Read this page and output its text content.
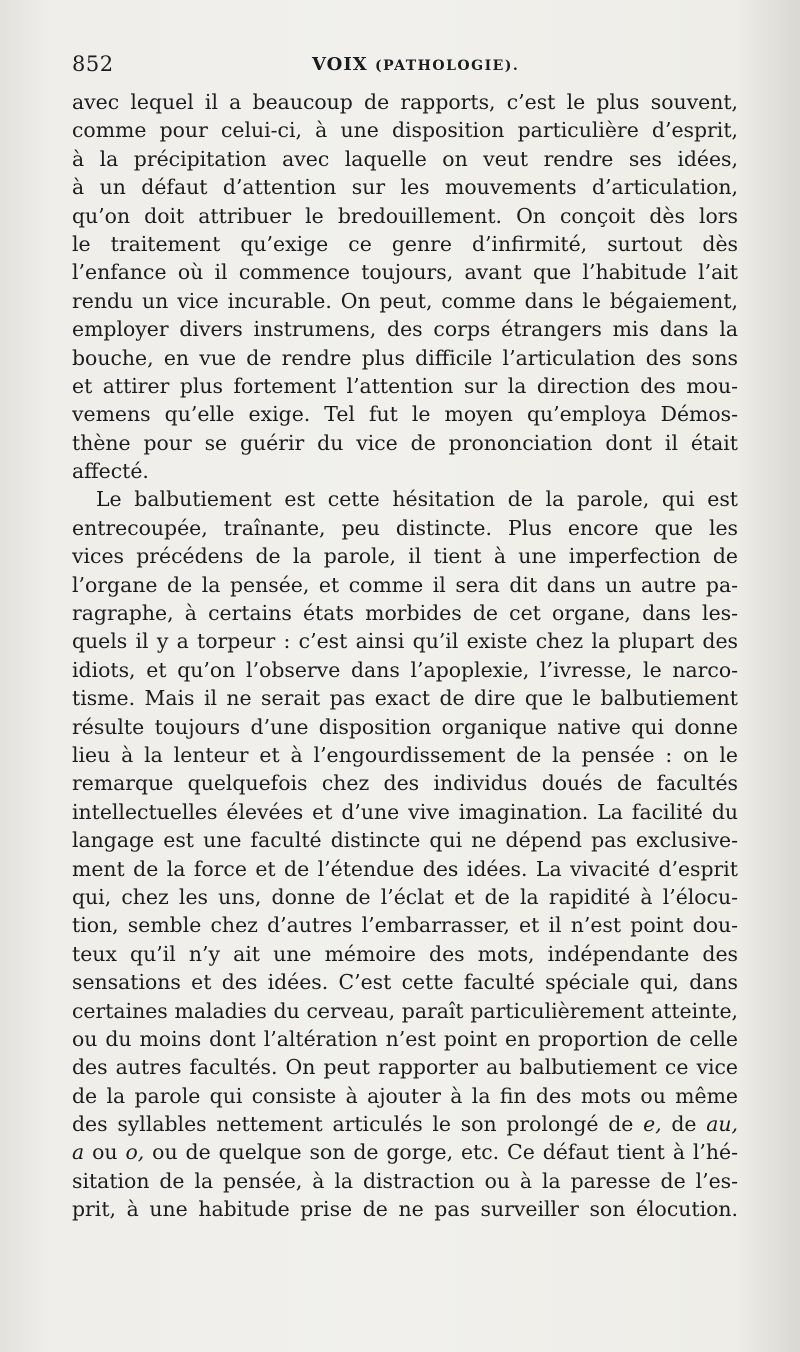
852	VOIX (PATHOLOGIE).
avec lequel il a beaucoup de rapports, c’est le plus souvent,
comme pour celui-ci, à une disposition particulière d’esprit,
à la précipitation avec laquelle on veut rendre ses idées,
à un défaut d’attention sur les mouvements d’articulation,
qu’on doit attribuer le bredouillement. On conçoit dès lors
le traitement qu’exige ce genre d’infirmité, surtout dès
l’enfance où il commence toujours, avant que l’habitude l’ait
rendu un vice incurable. On peut, comme dans le bégaiement,
employer divers instrumens, des corps étrangers mis dans la
bouche, en vue de rendre plus difficile l’articulation des sons
et attirer plus fortement l’attention sur la direction des mou-
vemens qu’elle exige. Tel fut le moyen qu’employa Démos-
thène pour se guérir du vice de prononciation dont il était
affecté.
Le balbutiement est cette hésitation de la parole, qui est
entrecoupée, traînante, peu distincte. Plus encore que les
vices précédens de la parole, il tient à une imperfection de
l’organe de la pensée, et comme il sera dit dans un autre pa-
ragraphe, à certains états morbides de cet organe, dans les-
quels il y a torpeur : c’est ainsi qu’il existe chez la plupart des
idiots, et qu’on l’observe dans l’apoplexie, l’ivresse, le narco-
tisme. Mais il ne serait pas exact de dire que le balbutiement
résulte toujours d’une disposition organique native qui donne
lieu à la lenteur et à l’engourdissement de la pensée : on le
remarque quelquefois chez des individus doués de facultés
intellectuelles élevées et d’une vive imagination. La facilité du
langage est une faculté distincte qui ne dépend pas exclusive-
ment de la force et de l’étendue des idées. La vivacité d’esprit
qui, chez les uns, donne de l’éclat et de la rapidité à l’élocu-
tion, semble chez d’autres l’embarrasser, et il n’est point dou-
teux qu’il n’y ait une mémoire des mots, indépendante des
sensations et des idées. C’est cette faculté spéciale qui, dans
certaines maladies du cerveau, paraît particulièrement atteinte,
ou du moins dont l’altération n’est point en proportion de celle
des autres facultés. On peut rapporter au balbutiement ce vice
de la parole qui consiste à ajouter à la fin des mots ou même
des syllables nettement articulés le son prolongé de e, de au,
a ou o, ou de quelque son de gorge, etc. Ce défaut tient à l’hé-
sitation de la pensée, à la distraction ou à la paresse de l’es-
prit, à une habitude prise de ne pas surveiller son élocution.
